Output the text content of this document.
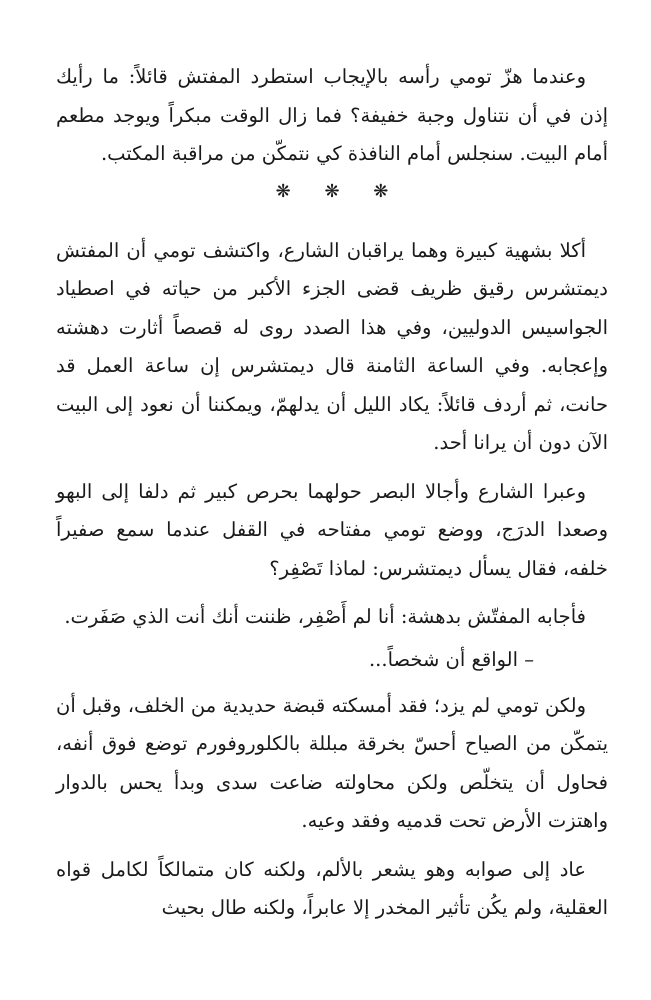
وعندما هزّ تومي رأسه بالإيجاب استطرد المفتش قائلاً: ما رأيك إذن في أن نتناول وجبة خفيفة؟ فما زال الوقت مبكراً ويوجد مطعم أمام البيت. سنجلس أمام النافذة كي نتمكّن من مراقبة المكتب.

❋ ❋ ❋

أكلا بشهية كبيرة وهما يراقبان الشارع، واكتشف تومي أن المفتش ديمتشرس رقيق ظريف قضى الجزء الأكبر من حياته في اصطياد الجواسيس الدوليين، وفي هذا الصدد روى له قصصاً أثارت دهشته وإعجابه. وفي الساعة الثامنة قال ديمتشرس إن ساعة العمل قد حانت، ثم أردف قائلاً: يكاد الليل أن يدلهمّ، ويمكننا أن نعود إلى البيت الآن دون أن يرانا أحد.

وعبرا الشارع وأجالا البصر حولهما بحرص كبير ثم دلفا إلى البهو وصعدا الدرَج، ووضع تومي مفتاحه في القفل عندما سمع صفيراً خلفه، فقال يسأل ديمتشرس: لماذا تَصْفِر؟

فأجابه المفتّش بدهشة: أنا لم أَصْفِر، ظننت أنك أنت الذي صَفَرت.

– الواقع أن شخصاً...

ولكن تومي لم يزد؛ فقد أمسكته قبضة حديدية من الخلف، وقبل أن يتمكّن من الصياح أحسّ بخرقة مبللة بالكلوروفورم توضع فوق أنفه، فحاول أن يتخلّص ولكن محاولته ضاعت سدى وبدأ يحس بالدوار واهتزت الأرض تحت قدميه وفقد وعيه.

عاد إلى صوابه وهو يشعر بالألم، ولكنه كان متمالكاً لكامل قواه العقلية، ولم يكُن تأثير المخدر إلا عابراً، ولكنه طال بحيث
